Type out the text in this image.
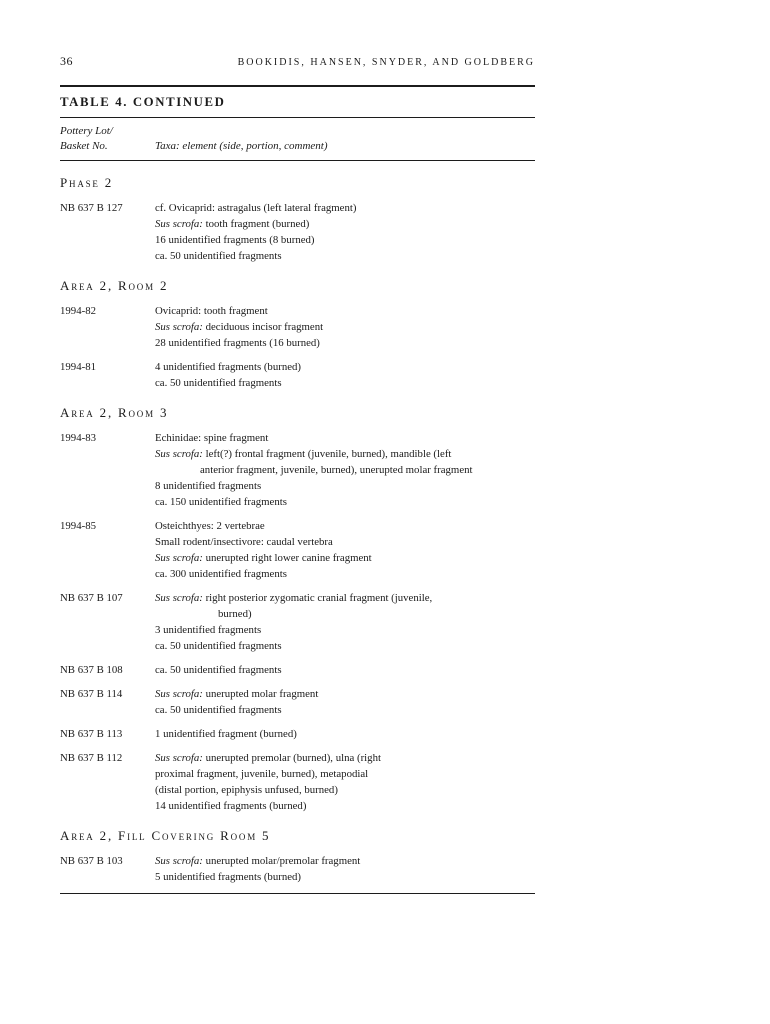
36	BOOKIDIS, HANSEN, SNYDER, AND GOLDBERG
TABLE 4. CONTINUED
Pottery Lot/
Basket No.	Taxa: element (side, portion, comment)
Phase 2
NB 637 B 127	cf. Ovicaprid: astragalus (left lateral fragment)
Sus scrofa: tooth fragment (burned)
16 unidentified fragments (8 burned)
ca. 50 unidentified fragments
Area 2, Room 2
1994-82	Ovicaprid: tooth fragment
Sus scrofa: deciduous incisor fragment
28 unidentified fragments (16 burned)
1994-81	4 unidentified fragments (burned)
ca. 50 unidentified fragments
Area 2, Room 3
1994-83	Echinidae: spine fragment
Sus scrofa: left(?) frontal fragment (juvenile, burned), mandible (left
anterior fragment, juvenile, burned), unerupted molar fragment
8 unidentified fragments
ca. 150 unidentified fragments
1994-85	Osteichthyes: 2 vertebrae
Small rodent/insectivore: caudal vertebra
Sus scrofa: unerupted right lower canine fragment
ca. 300 unidentified fragments
NB 637 B 107	Sus scrofa: right posterior zygomatic cranial fragment (juvenile,
burned)
3 unidentified fragments
ca. 50 unidentified fragments
NB 637 B 108	ca. 50 unidentified fragments
NB 637 B 114	Sus scrofa: unerupted molar fragment
ca. 50 unidentified fragments
NB 637 B 113	1 unidentified fragment (burned)
NB 637 B 112	Sus scrofa: unerupted premolar (burned), ulna (right
proximal fragment, juvenile, burned), metapodial
(distal portion, epiphysis unfused, burned)
14 unidentified fragments (burned)
Area 2, Fill Covering Room 5
NB 637 B 103	Sus scrofa: unerupted molar/premolar fragment
5 unidentified fragments (burned)
